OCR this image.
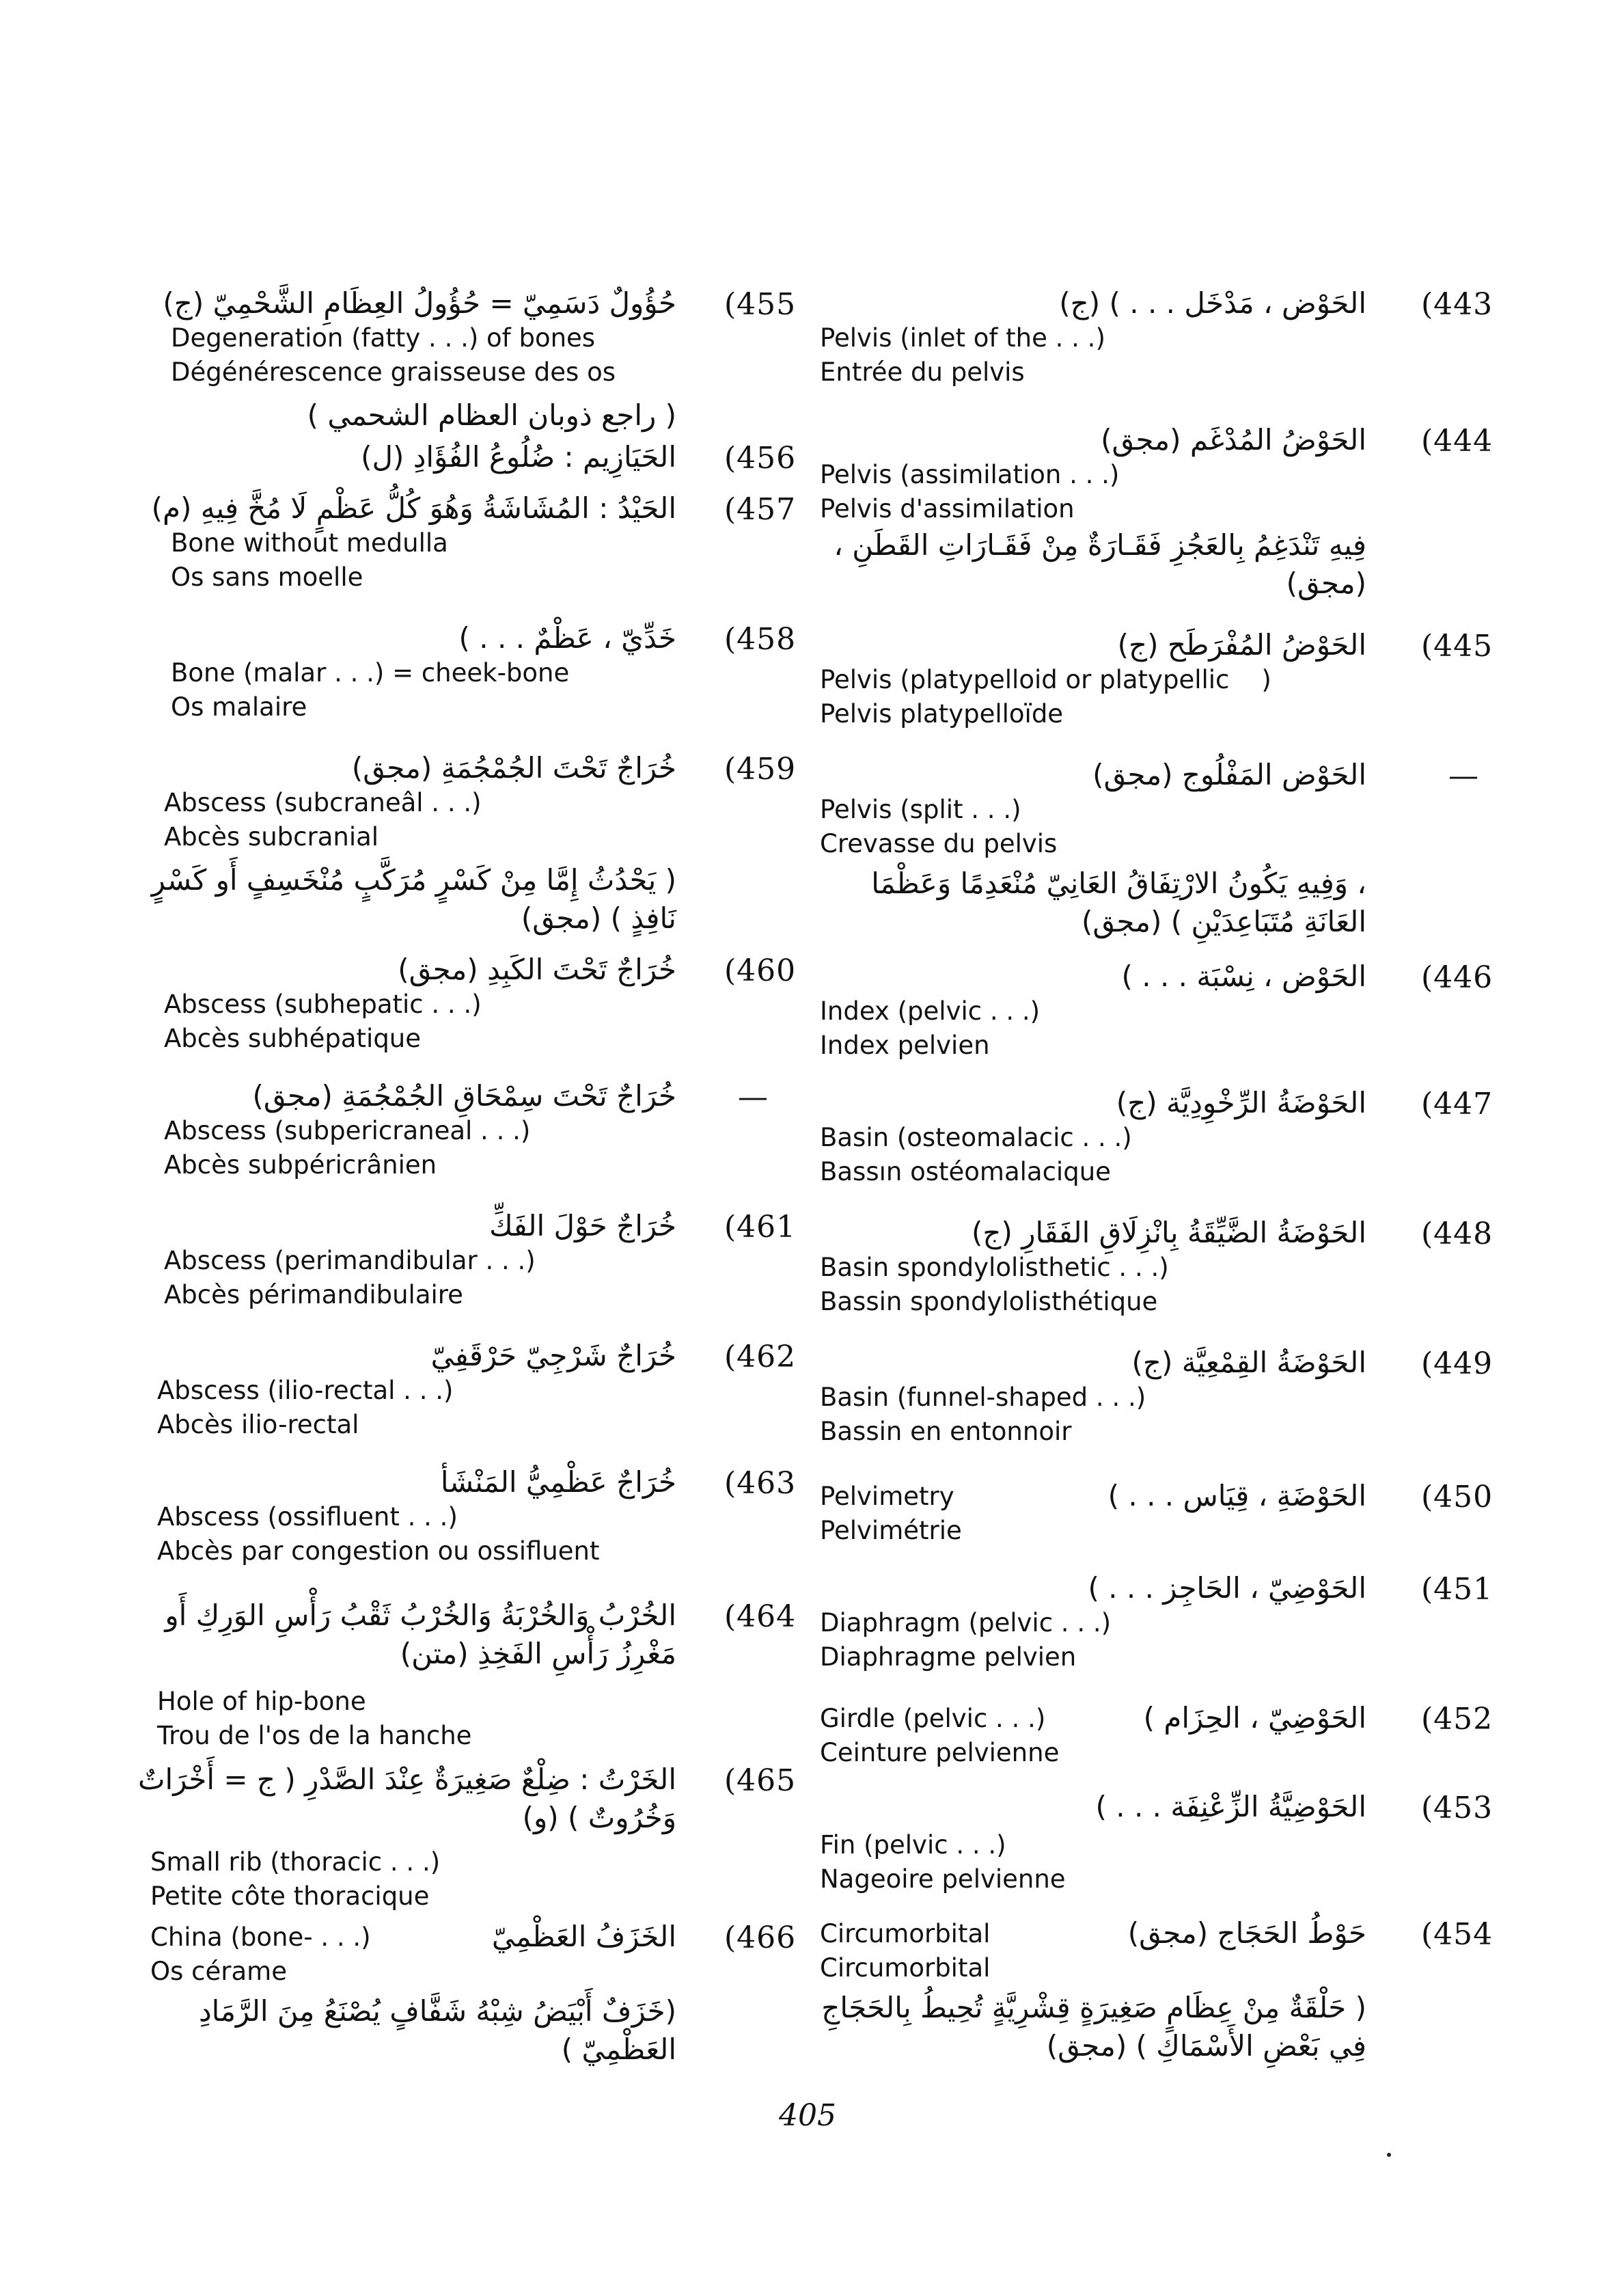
(443
الحَوْض ، مَدْخَل . . . ) (ج)
Pelvis (inlet of the . . .)
Entrée du pelvis
(444
الحَوْضُ المُدْغَم (مجق)
Pelvis (assimilation . . .)
Pelvis d'assimilation
فِيهِ تَنْدَغِمُ بِالعَجُزِ فَقَـارَةٌ مِنْ فَقَـارَاتِ القَطَنِ ، (مجق)
(445
الحَوْضُ المُفْرَطَح (ج)
Pelvis (platypelloid or platypellic    )
Pelvis platypelloïde
—
الحَوْض المَفْلُوج (مجق)
Pelvis (split . . .)
Crevasse du pelvis
، وَفِيهِ يَكُونُ الارْتِفَاقُ العَانِيّ مُنْعَدِمًا وَعَظْمَا العَانَةِ مُتَبَاعِدَيْنِ ) (مجق)
(446
الحَوْض ، نِسْبَة . . . )
Index (pelvic . . .)
Index pelvien
(447
الحَوْضَةُ الرِّخْوِدِيَّة (ج)
Basin (osteomalacic . . .)
Bassın ostéomalacique
(448
الحَوْضَةُ الضَّيِّقَةُ بِانْزِلَاقِ الفَقَارِ (ج)
Basin spondylolisthetic . . .)
Bassin spondylolisthétique
(449
الحَوْضَةُ القِمْعِيَّة (ج)
Basin (funnel-shaped . . .)
Bassin en entonnoir
(450
Pelvimetry	الحَوْضَةِ ، قِيَاس . . . )
Pelvimétrie
(451
الحَوْضِيّ ، الحَاجِز . . . )
Diaphragm (pelvic . . .)
Diaphragme pelvien
(452
Girdle (pelvic . . .)	الحَوْضِيّ ، الحِزَام )
Ceinture pelvienne
(453
الحَوْضِيَّةُ الزِّعْنِفَة . . . )
Fin (pelvic . . .)
Nageoire pelvienne
(454
Circumorbital	حَوْطُ الحَجَاج (مجق)
Circumorbital
( حَلْقَةٌ مِنْ عِظَامٍ صَغِيرَةٍ قِشْرِيَّةٍ تُحِيطُ بِالحَجَاجِ فِي بَعْضِ الأَسْمَاكِ ) (مجق)
(455
حُؤُولٌ دَسَمِيّ = حُؤُولُ العِظَامِ الشَّحْمِيّ (ج)
Degeneration (fatty . . .) of bones
Dégénérescence graisseuse des os
( راجع ذوبان العظام الشحمي )
(456
الحَيَازِيم : ضُلُوعُ الفُؤَادِ (ل)
(457
الحَيْدُ : المُشَاشَةُ وَهُوَ كُلُّ عَظْمٍ لَا مُخَّ فِيهِ (م)
Bone without medulla
Os sans moelle
(458
خَدِّيّ ، عَظْمٌ . . . )
Bone (malar . . .) = cheek-bone
Os malaire
(459
خُرَاجٌ تَحْتَ الجُمْجُمَةِ (مجق)
Abscess (subcraneâl . . .)
Abcès subcranial
( يَحْدُثُ إِمَّا مِنْ كَسْرٍ مُرَكَّبٍ مُنْخَسِفٍ أَو كَسْرٍ نَافِذٍ ) (مجق)
(460
خُرَاجٌ تَحْتَ الكَبِدِ (مجق)
Abscess (subhepatic . . .)
Abcès subhépatique
—
خُرَاجٌ تَحْتَ سِمْحَاقِ الجُمْجُمَةِ (مجق)
Abscess (subpericraneal . . .)
Abcès subpéricrânien
(461
خُرَاجٌ حَوْلَ الفَكِّ
Abscess (perimandibular . . .)
Abcès périmandibulaire
(462
خُرَاجٌ شَرْجِيّ حَرْقَفِيّ
Abscess (ilio-rectal . . .)
Abcès ilio-rectal
(463
خُرَاجٌ عَظْمِيُّ المَنْشَأ
Abscess (ossifluent . . .)
Abcès par congestion ou ossifluent
(464
الخُرْبُ وَالخُرْبَةُ وَالخُرْبُ ثَقْبُ رَأْسِ الوَرِكِ أَو مَغْرِزُ رَأْسِ الفَخِذِ (متن)
Hole of hip-bone
Trou de l'os de la hanche
(465
الخَرْتُ : ضِلْعٌ صَغِيرَةٌ عِنْدَ الصَّدْرِ ( ج = أَخْرَاتٌ وَخُرُوتٌ ) (و)
Small rib (thoracic . . .)
Petite côte thoracique
(466
China (bone- . . .)	الخَزَفُ العَظْمِيّ
Os cérame
(خَزَفٌ أَبْيَضُ شِبْهُ شَفَّافٍ يُصْنَعُ مِنَ الرَّمَادِ العَظْمِيّ )
405
